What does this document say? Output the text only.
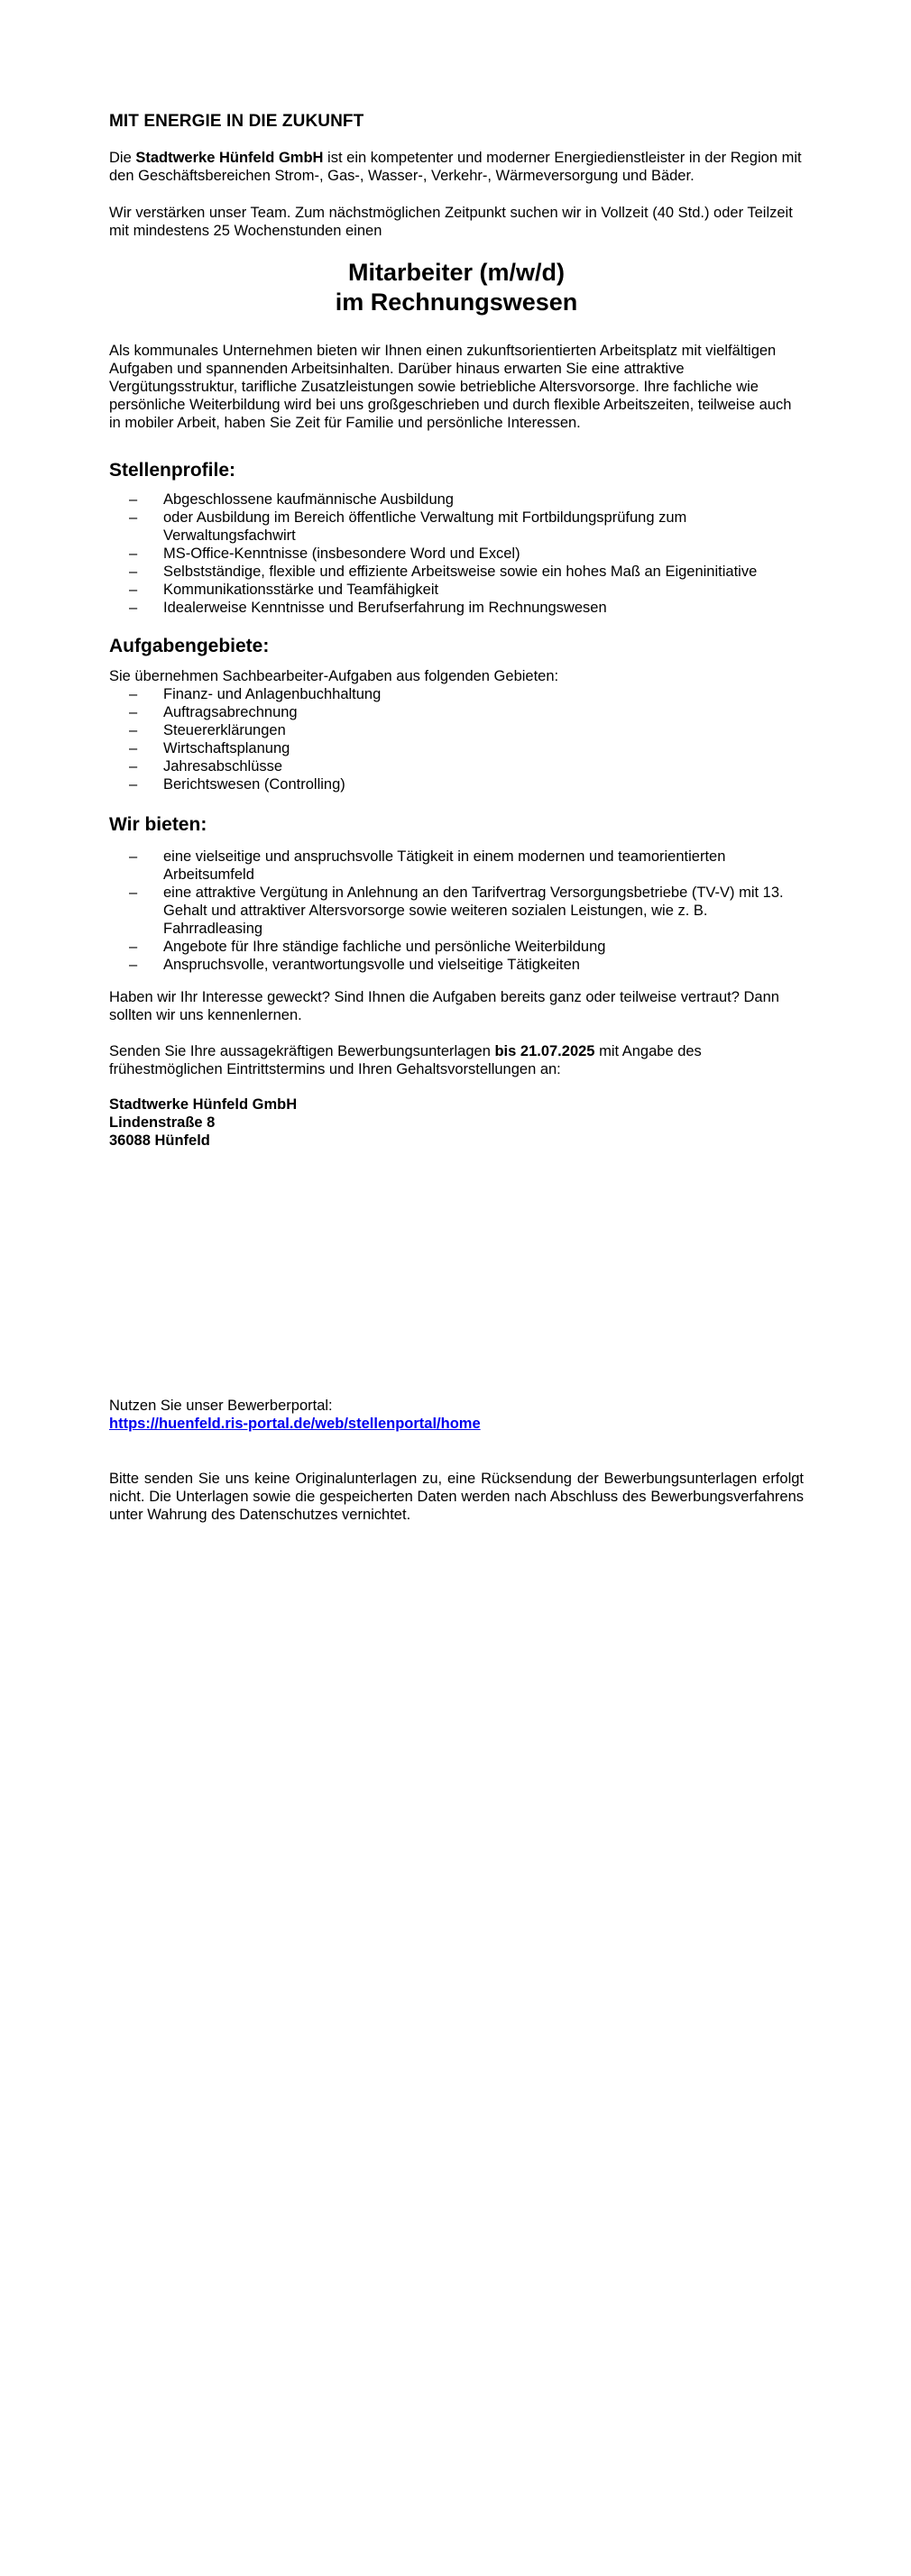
MIT ENERGIE IN DIE ZUKUNFT

Die Stadtwerke Hünfeld GmbH ist ein kompetenter und moderner Energiedienstleister in der Region mit den Geschäftsbereichen Strom-, Gas-, Wasser-, Verkehr-, Wärmeversorgung und Bäder.

Wir verstärken unser Team. Zum nächstmöglichen Zeitpunkt suchen wir in Vollzeit (40 Std.) oder Teilzeit mit mindestens 25 Wochenstunden einen

Mitarbeiter (m/w/d)
im Rechnungswesen

Als kommunales Unternehmen bieten wir Ihnen einen zukunftsorientierten Arbeitsplatz mit vielfältigen Aufgaben und spannenden Arbeitsinhalten. Darüber hinaus erwarten Sie eine attraktive Vergütungsstruktur, tarifliche Zusatzleistungen sowie betriebliche Altersvorsorge. Ihre fachliche wie persönliche Weiterbildung wird bei uns großgeschrieben und durch flexible Arbeitszeiten, teilweise auch in mobiler Arbeit, haben Sie Zeit für Familie und persönliche Interessen.

Stellenprofile:
– Abgeschlossene kaufmännische Ausbildung
– oder Ausbildung im Bereich öffentliche Verwaltung mit Fortbildungsprüfung zum Verwaltungsfachwirt
– MS-Office-Kenntnisse (insbesondere Word und Excel)
– Selbstständige, flexible und effiziente Arbeitsweise sowie ein hohes Maß an Eigeninitiative
– Kommunikationsstärke und Teamfähigkeit
– Idealerweise Kenntnisse und Berufserfahrung im Rechnungswesen
Aufgabengebiete:

Sie übernehmen Sachbearbeiter-Aufgaben aus folgenden Gebieten:

– Finanz- und Anlagenbuchhaltung
– Auftragsabrechnung
– Steuererklärungen
– Wirtschaftsplanung
– Jahresabschlüsse
– Berichtswesen (Controlling)
Wir bieten:
– eine vielseitige und anspruchsvolle Tätigkeit in einem modernen und teamorientierten Arbeitsumfeld
– eine attraktive Vergütung in Anlehnung an den Tarifvertrag Versorgungsbetriebe (TV-V) mit 13. Gehalt und attraktiver Altersvorsorge sowie weiteren sozialen Leistungen, wie z. B. Fahrradleasing
– Angebote für Ihre ständige fachliche und persönliche Weiterbildung
– Anspruchsvolle, verantwortungsvolle und vielseitige Tätigkeiten

Haben wir Ihr Interesse geweckt? Sind Ihnen die Aufgaben bereits ganz oder teilweise vertraut? Dann sollten wir uns kennenlernen.

Senden Sie Ihre aussagekräftigen Bewerbungsunterlagen bis 21.07.2025 mit Angabe des frühestmöglichen Eintrittstermins und Ihren Gehaltsvorstellungen an:

Stadtwerke Hünfeld GmbH
Lindenstraße 8
36088 Hünfeld
Nutzen Sie unser Bewerberportal:
https://huenfeld.ris-portal.de/web/stellenportal/home

Bitte senden Sie uns keine Originalunterlagen zu, eine Rücksendung der Bewerbungsunterlagen erfolgt nicht. Die Unterlagen sowie die gespeicherten Daten werden nach Abschluss des Bewerbungsverfahrens unter Wahrung des Datenschutzes vernichtet.
